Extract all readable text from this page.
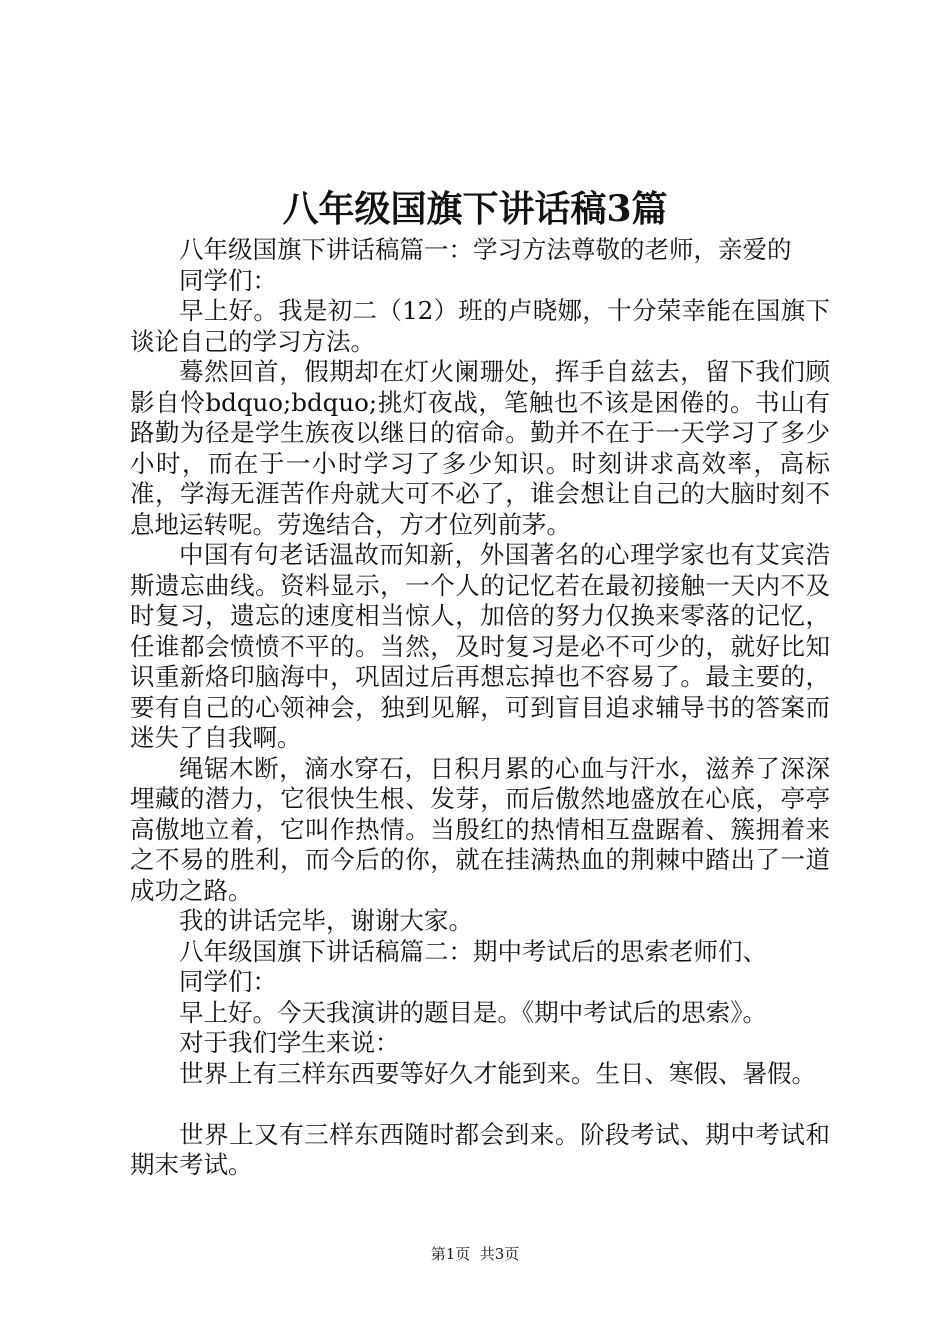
八年级国旗下讲话稿3篇

八年级国旗下讲话稿篇一：学习方法尊敬的老师，亲爱的

同学们：

早上好。我是初二（12）班的卢晓娜，十分荣幸能在国旗下谈论自己的学习方法。

蓦然回首，假期却在灯火阑珊处，挥手自兹去，留下我们顾影自怜bdquo;bdquo;挑灯夜战，笔触也不该是困倦的。书山有路勤为径是学生族夜以继日的宿命。勤并不在于一天学习了多少小时，而在于一小时学习了多少知识。时刻讲求高效率，高标准，学海无涯苦作舟就大可不必了，谁会想让自己的大脑时刻不息地运转呢。劳逸结合，方才位列前茅。

中国有句老话温故而知新，外国著名的心理学家也有艾宾浩斯遗忘曲线。资料显示，一个人的记忆若在最初接触一天内不及时复习，遗忘的速度相当惊人，加倍的努力仅换来零落的记忆，任谁都会愤愤不平的。当然，及时复习是必不可少的，就好比知识重新烙印脑海中，巩固过后再想忘掉也不容易了。最主要的，要有自己的心领神会，独到见解，可到盲目追求辅导书的答案而迷失了自我啊。

绳锯木断，滴水穿石，日积月累的心血与汗水，滋养了深深埋藏的潜力，它很快生根、发芽，而后傲然地盛放在心底，亭亭高傲地立着，它叫作热情。当殷红的热情相互盘踞着、簇拥着来之不易的胜利，而今后的你，就在挂满热血的荆棘中踏出了一道成功之路。

我的讲话完毕，谢谢大家。

八年级国旗下讲话稿篇二：期中考试后的思索老师们、

同学们：

早上好。今天我演讲的题目是。《期中考试后的思索》。

对于我们学生来说：

世界上有三样东西要等好久才能到来。生日、寒假、暑假。

世界上又有三样东西随时都会到来。阶段考试、期中考试和期末考试。

第1页  共3页
